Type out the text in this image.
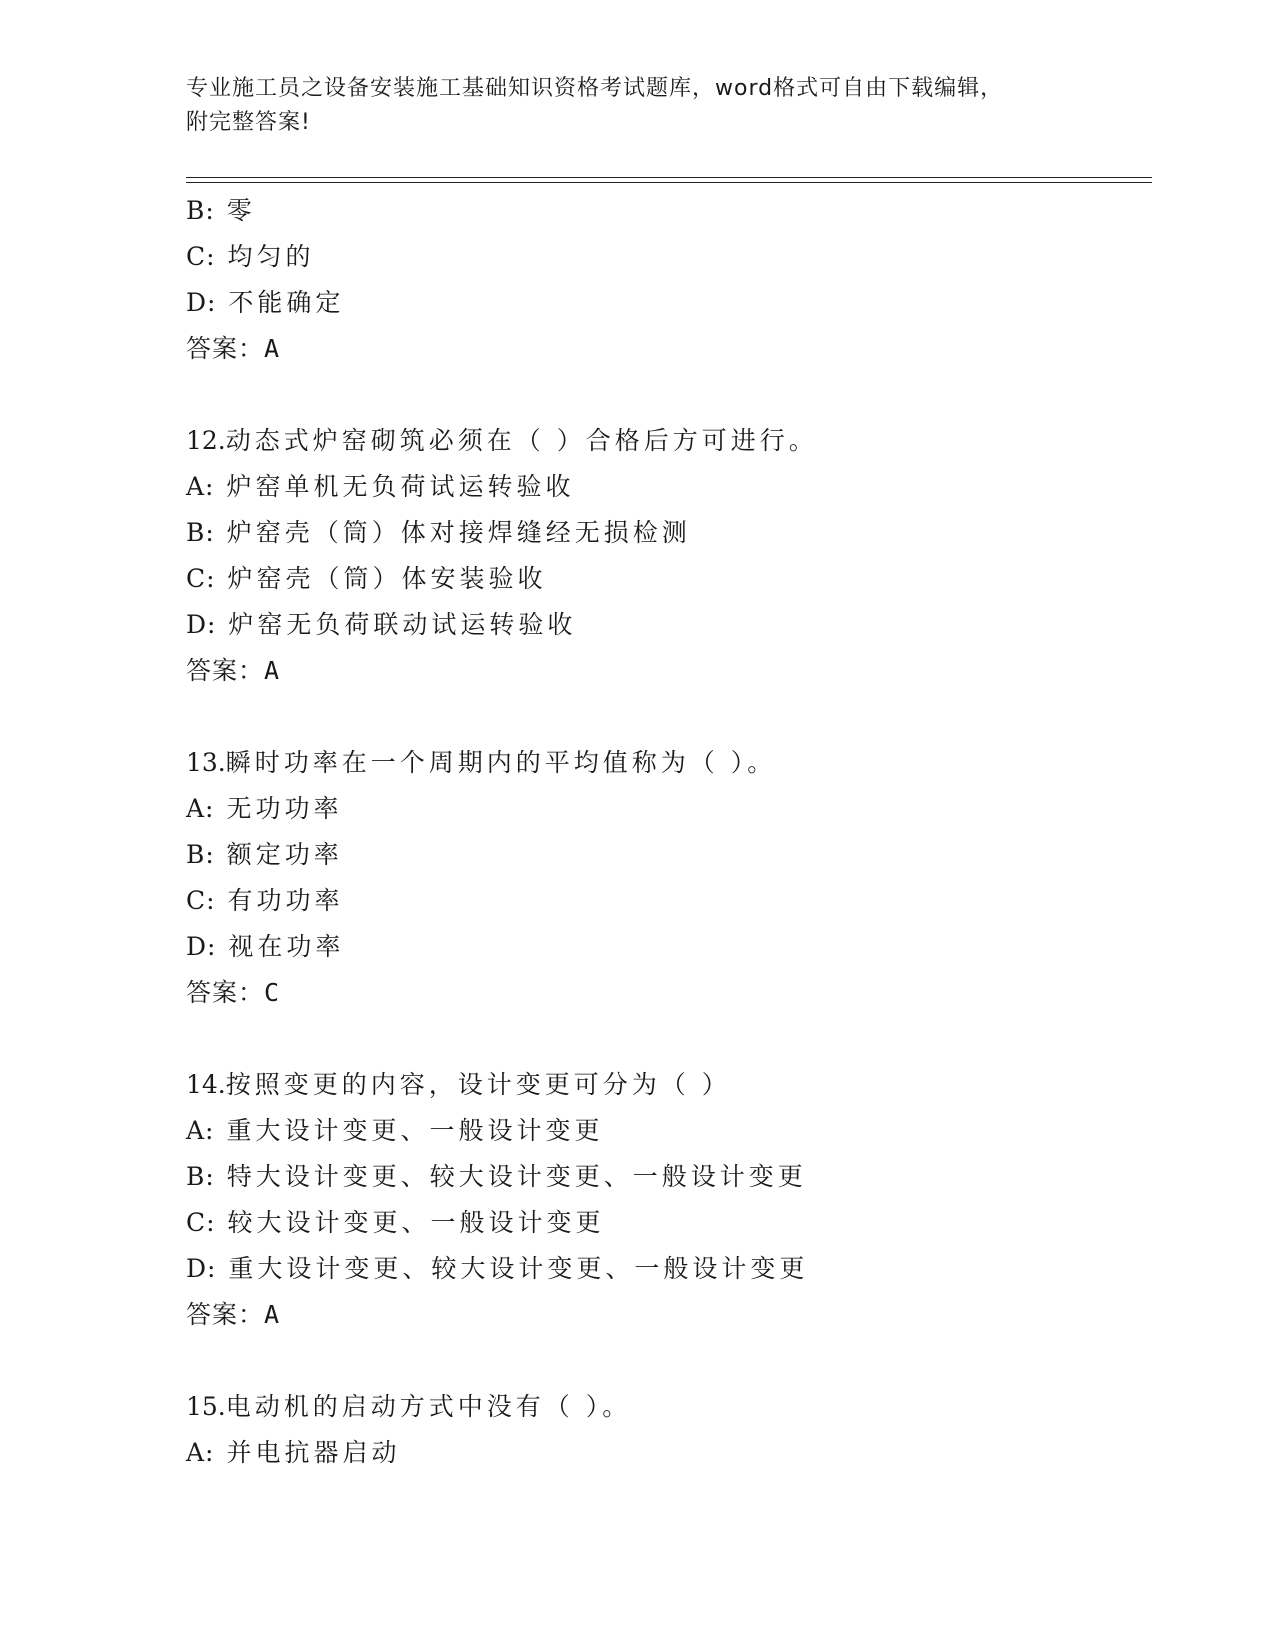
专业施工员之设备安装施工基础知识资格考试题库，word格式可自由下载编辑，
附完整答案!
B: 零
C: 均匀的
D: 不能确定
答案：A
12.动态式炉窑砌筑必须在（ ）合格后方可进行。
A: 炉窑单机无负荷试运转验收
B: 炉窑壳（筒）体对接焊缝经无损检测
C: 炉窑壳（筒）体安装验收
D: 炉窑无负荷联动试运转验收
答案：A
13.瞬时功率在一个周期内的平均值称为（ ）。
A: 无功功率
B: 额定功率
C: 有功功率
D: 视在功率
答案：C
14.按照变更的内容，设计变更可分为（ ）
A: 重大设计变更、一般设计变更
B: 特大设计变更、较大设计变更、一般设计变更
C: 较大设计变更、一般设计变更
D: 重大设计变更、较大设计变更、一般设计变更
答案：A
15.电动机的启动方式中没有（ ）。
A: 并电抗器启动
